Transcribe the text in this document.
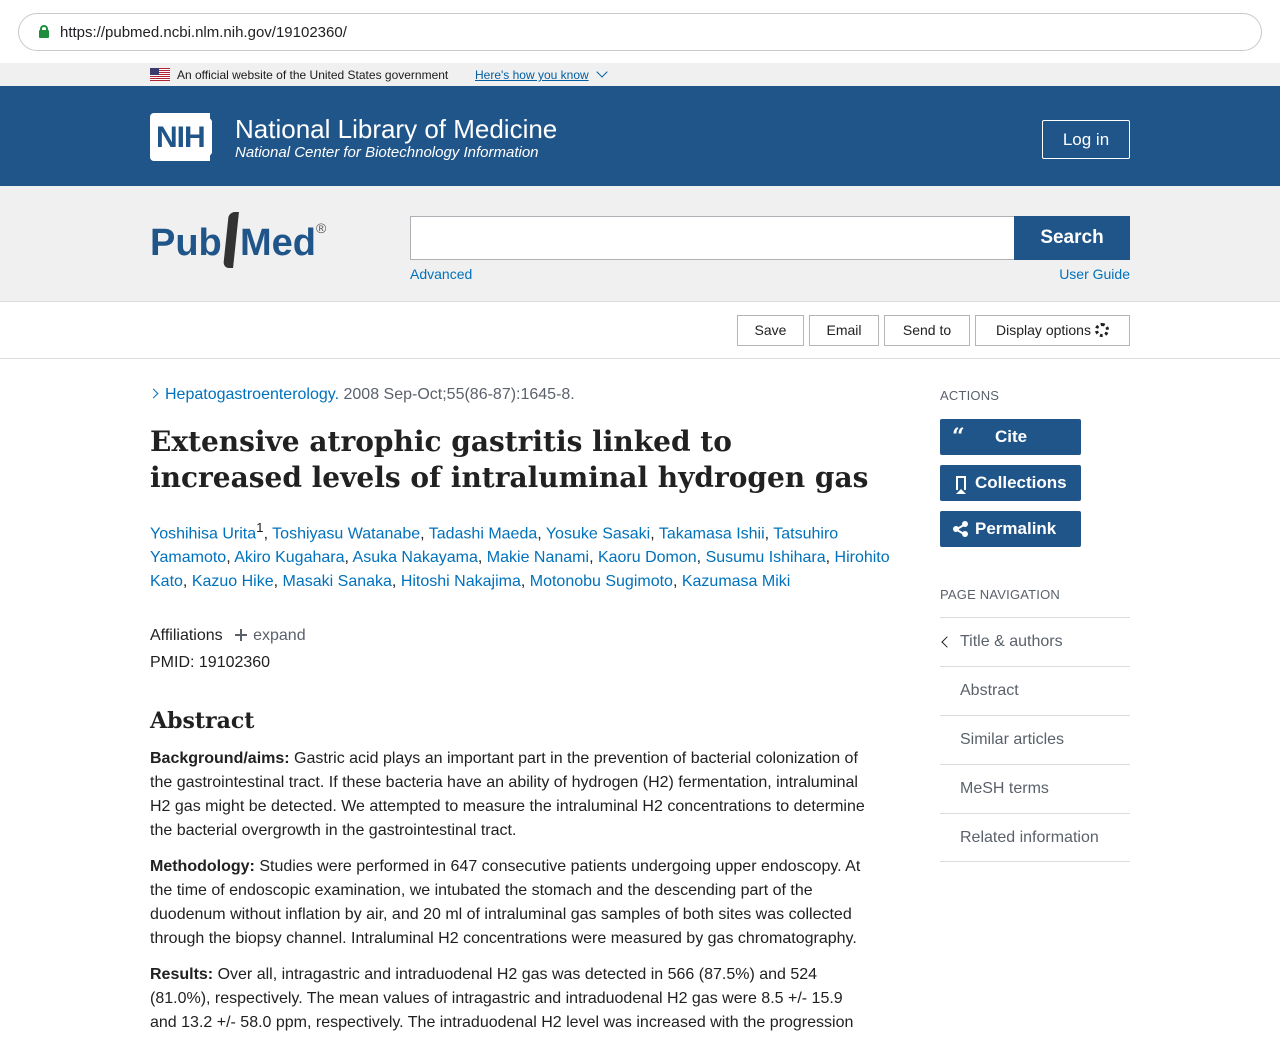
https://pubmed.ncbi.nlm.nih.gov/19102360/
An official website of the United States government Here's how you know
NIH National Library of Medicine
National Center for Biotechnology Information
Log in
Pub Med ®	Search
Advanced	User Guide
Save	Email	Send to	Display options
Hepatogastroenterology. 2008 Sep-Oct;55(86-87):1645-8.
Extensive atrophic gastritis linked to increased levels of intraluminal hydrogen gas
Yoshihisa Urita$^1$, Toshiyasu Watanabe, Tadashi Maeda, Yosuke Sasaki, Takamasa Ishii, Tatsuhiro Yamamoto, Akiro Kugahara, Asuka Nakayama, Makie Nanami, Kaoru Domon, Susumu Ishihara, Hirohito Kato, Kazuo Hike, Masaki Sanaka, Hitoshi Nakajima, Motonobu Sugimoto, Kazumasa Miki
Affiliations expand
PMID: 19102360
Abstract

Background/aims: Gastric acid plays an important part in the prevention of bacterial colonization of the gastrointestinal tract. If these bacteria have an ability of hydrogen (H2) fermentation, intraluminal H2 gas might be detected. We attempted to measure the intraluminal H2 concentrations to determine the bacterial overgrowth in the gastrointestinal tract.

Methodology: Studies were performed in 647 consecutive patients undergoing upper endoscopy. At the time of endoscopic examination, we intubated the stomach and the descending part of the duodenum without inflation by air, and 20 ml of intraluminal gas samples of both sites was collected through the biopsy channel. Intraluminal H2 concentrations were measured by gas chromatography.

Results: Over all, intragastric and intraduodenal H2 gas was detected in 566 (87.5%) and 524 (81.0%), respectively. The mean values of intragastric and intraduodenal H2 gas were 8.5 +/- 15.9 and 13.2 +/- 58.0 ppm, respectively. The intraduodenal H2 level was increased with the progression

ACTIONS
“ Cite
Collections
Permalink
PAGE NAVIGATION
Title & authors
Abstract
Similar articles
MeSH terms
Related information
